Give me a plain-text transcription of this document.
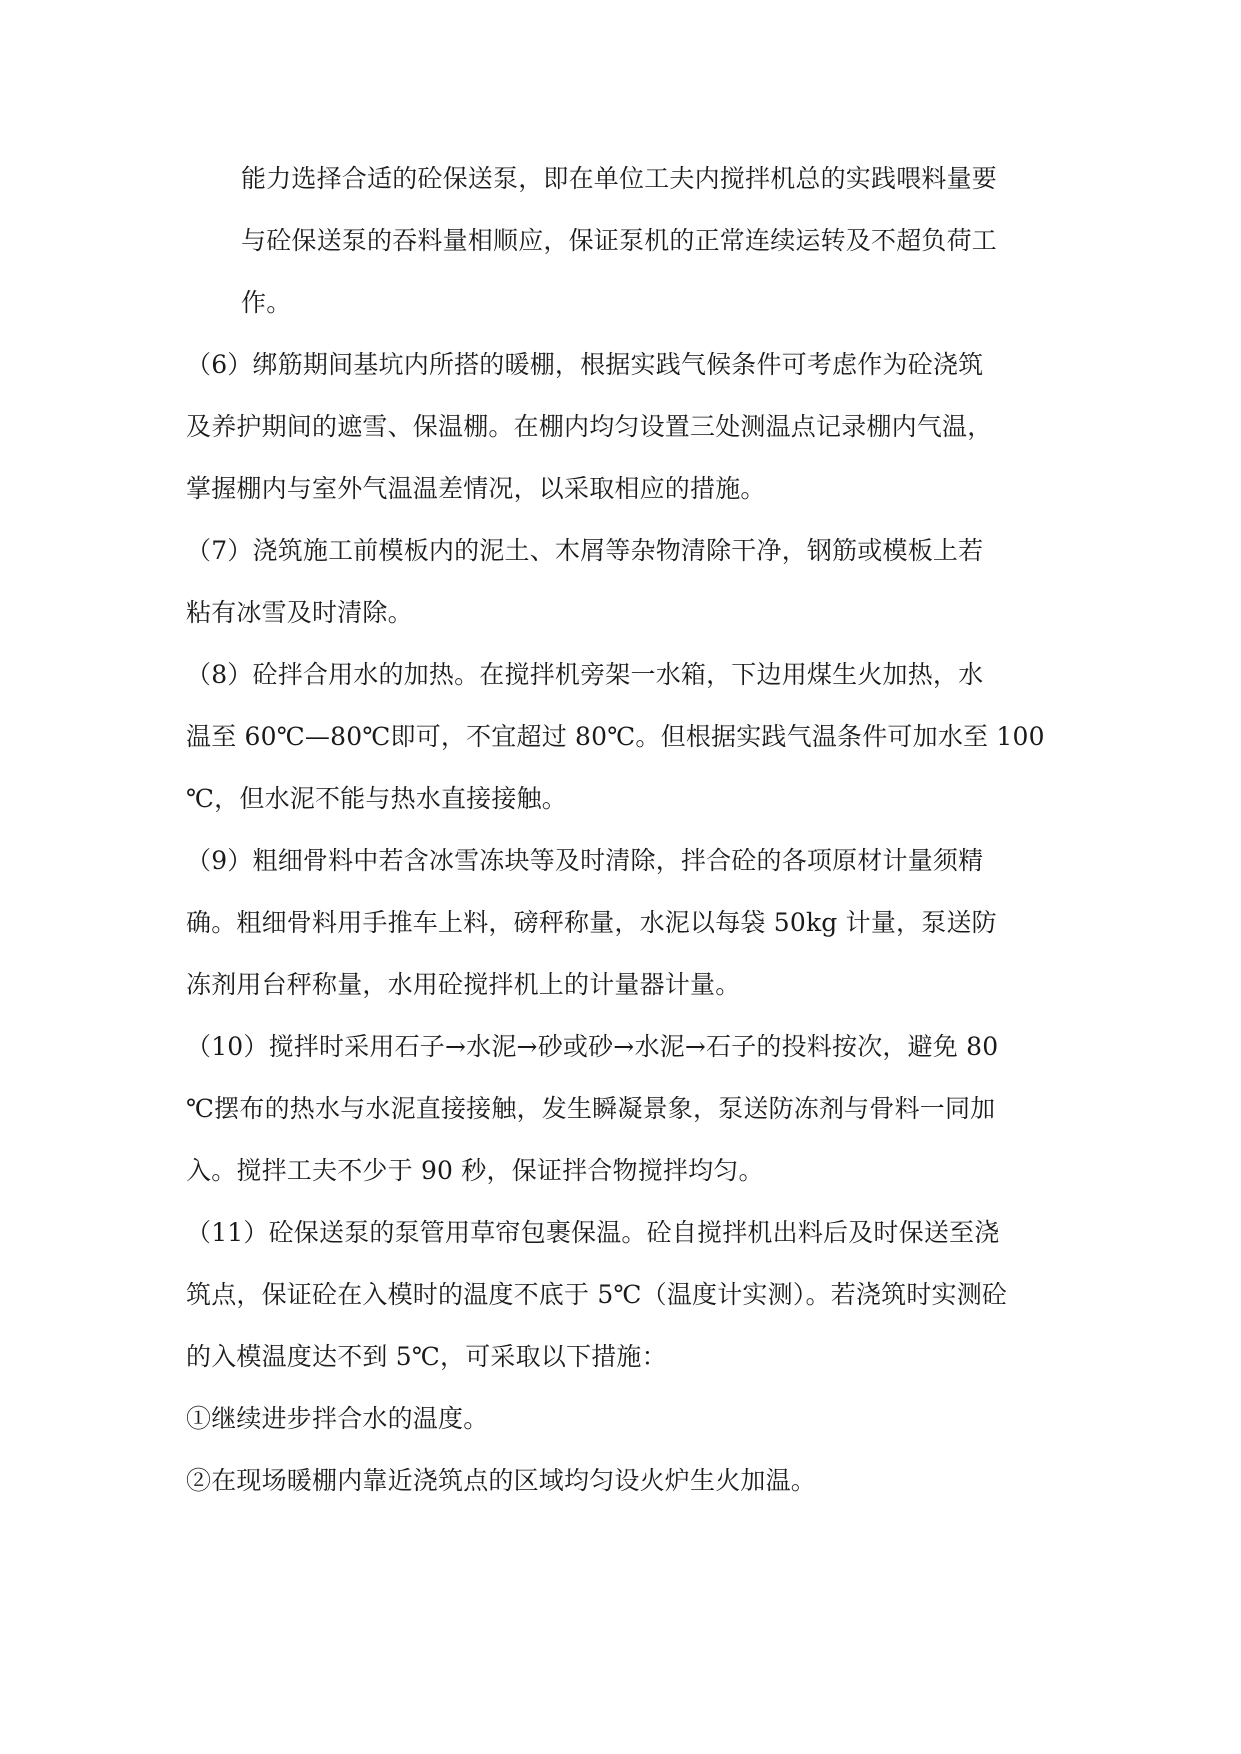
能力选择合适的砼保送泵，即在单位工夫内搅拌机总的实践喂料量要
与砼保送泵的吞料量相顺应，保证泵机的正常连续运转及不超负荷工
作。
（6）绑筋期间基坑内所搭的暖棚，根据实践气候条件可考虑作为砼浇筑
及养护期间的遮雪、保温棚。在棚内均匀设置三处测温点记录棚内气温，
掌握棚内与室外气温温差情况，以采取相应的措施。
（7）浇筑施工前模板内的泥土、木屑等杂物清除干净，钢筋或模板上若
粘有冰雪及时清除。
（8）砼拌合用水的加热。在搅拌机旁架一水箱，下边用煤生火加热，水
温至 60℃—80℃即可，不宜超过 80℃。但根据实践气温条件可加水至 100
℃，但水泥不能与热水直接接触。
（9）粗细骨料中若含冰雪冻块等及时清除，拌合砼的各项原材计量须精
确。粗细骨料用手推车上料，磅秤称量，水泥以每袋 50kg 计量，泵送防
冻剂用台秤称量，水用砼搅拌机上的计量器计量。
（10）搅拌时采用石子→水泥→砂或砂→水泥→石子的投料按次，避免 80
℃摆布的热水与水泥直接接触，发生瞬凝景象，泵送防冻剂与骨料一同加
入。搅拌工夫不少于 90 秒，保证拌合物搅拌均匀。
（11）砼保送泵的泵管用草帘包裹保温。砼自搅拌机出料后及时保送至浇
筑点，保证砼在入模时的温度不底于 5℃（温度计实测）。若浇筑时实测砼
的入模温度达不到 5℃，可采取以下措施：
①继续进步拌合水的温度。
②在现场暖棚内靠近浇筑点的区域均匀设火炉生火加温。
